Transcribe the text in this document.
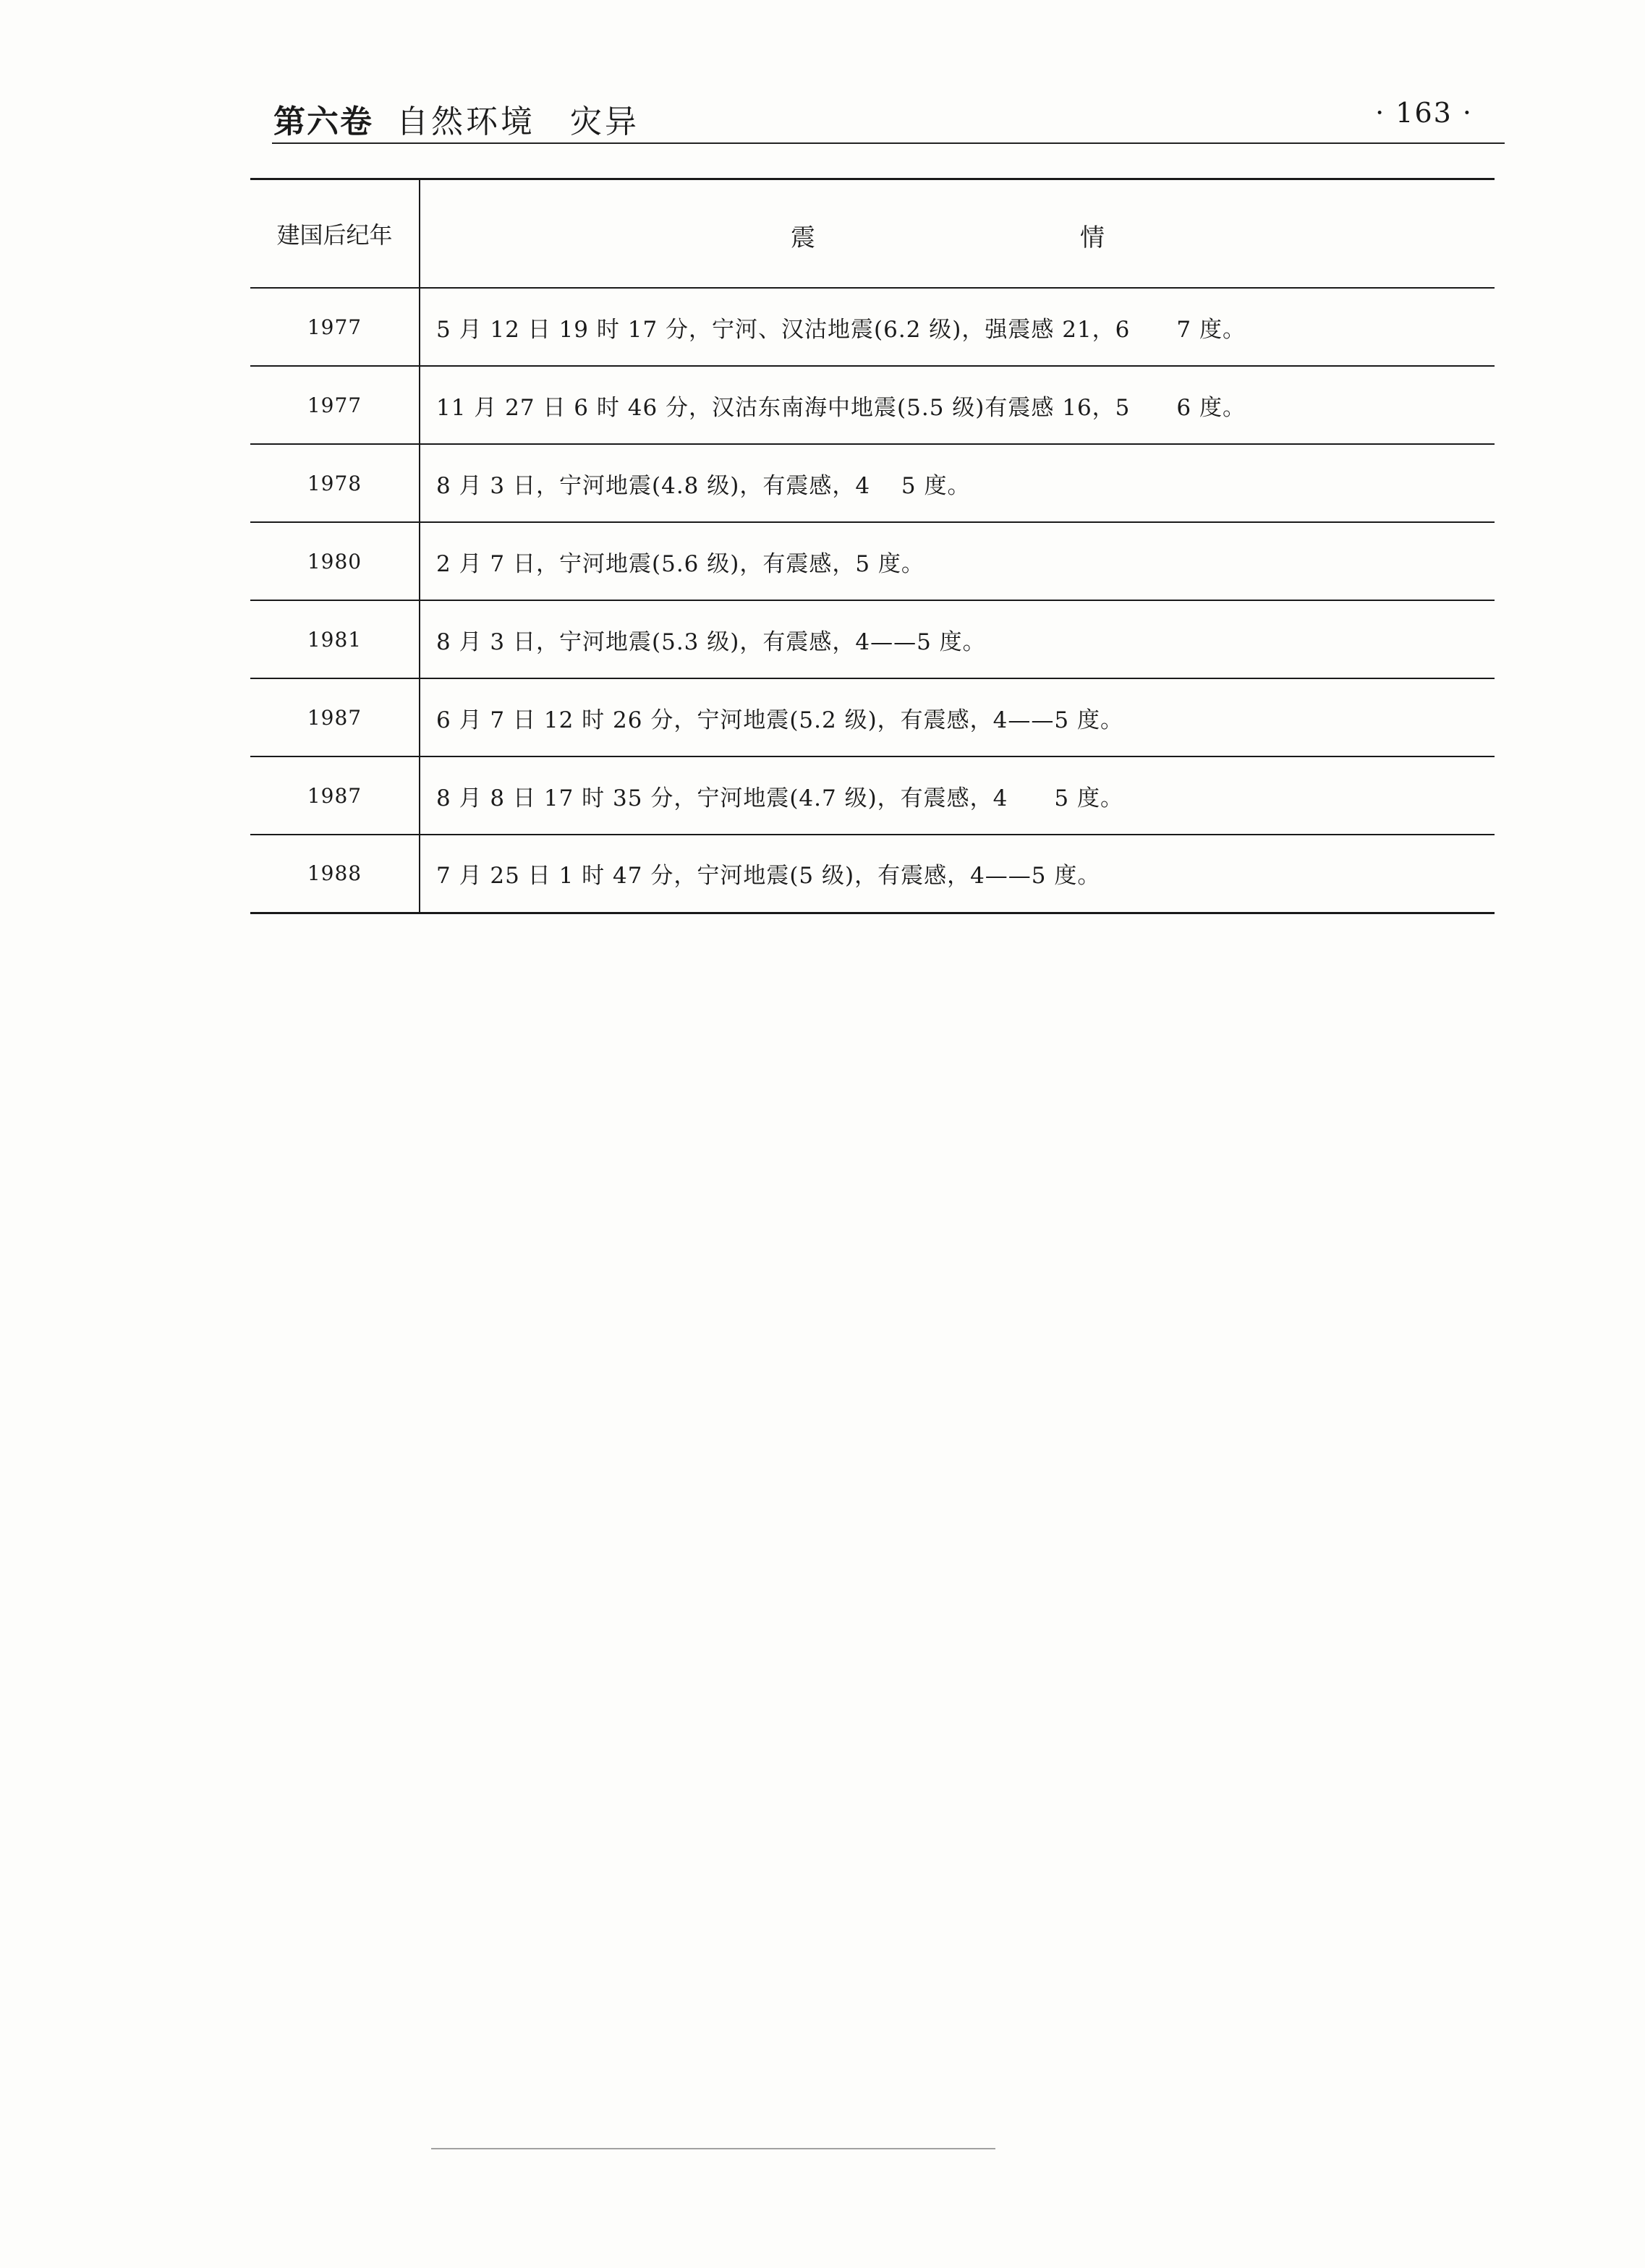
第六卷 自然环境　灾异	· 163 ·
建国后纪年	震 情

1977	5 月 12 日 19 时 17 分，宁河、汉沽地震(6.2 级)，强震感 21，6　　7 度。
1977	11 月 27 日 6 时 46 分，汉沽东南海中地震(5.5 级)有震感 16，5　　6 度。
1978	8 月 3 日，宁河地震(4.8 级)，有震感，4　 5 度。
1980	2 月 7 日，宁河地震(5.6 级)，有震感，5 度。
1981	8 月 3 日，宁河地震(5.3 级)，有震感，4——5 度。
1987	6 月 7 日 12 时 26 分，宁河地震(5.2 级)，有震感，4——5 度。
1987	8 月 8 日 17 时 35 分，宁河地震(4.7 级)，有震感，4　　5 度。
1988	7 月 25 日 1 时 47 分，宁河地震(5 级)，有震感，4——5 度。
